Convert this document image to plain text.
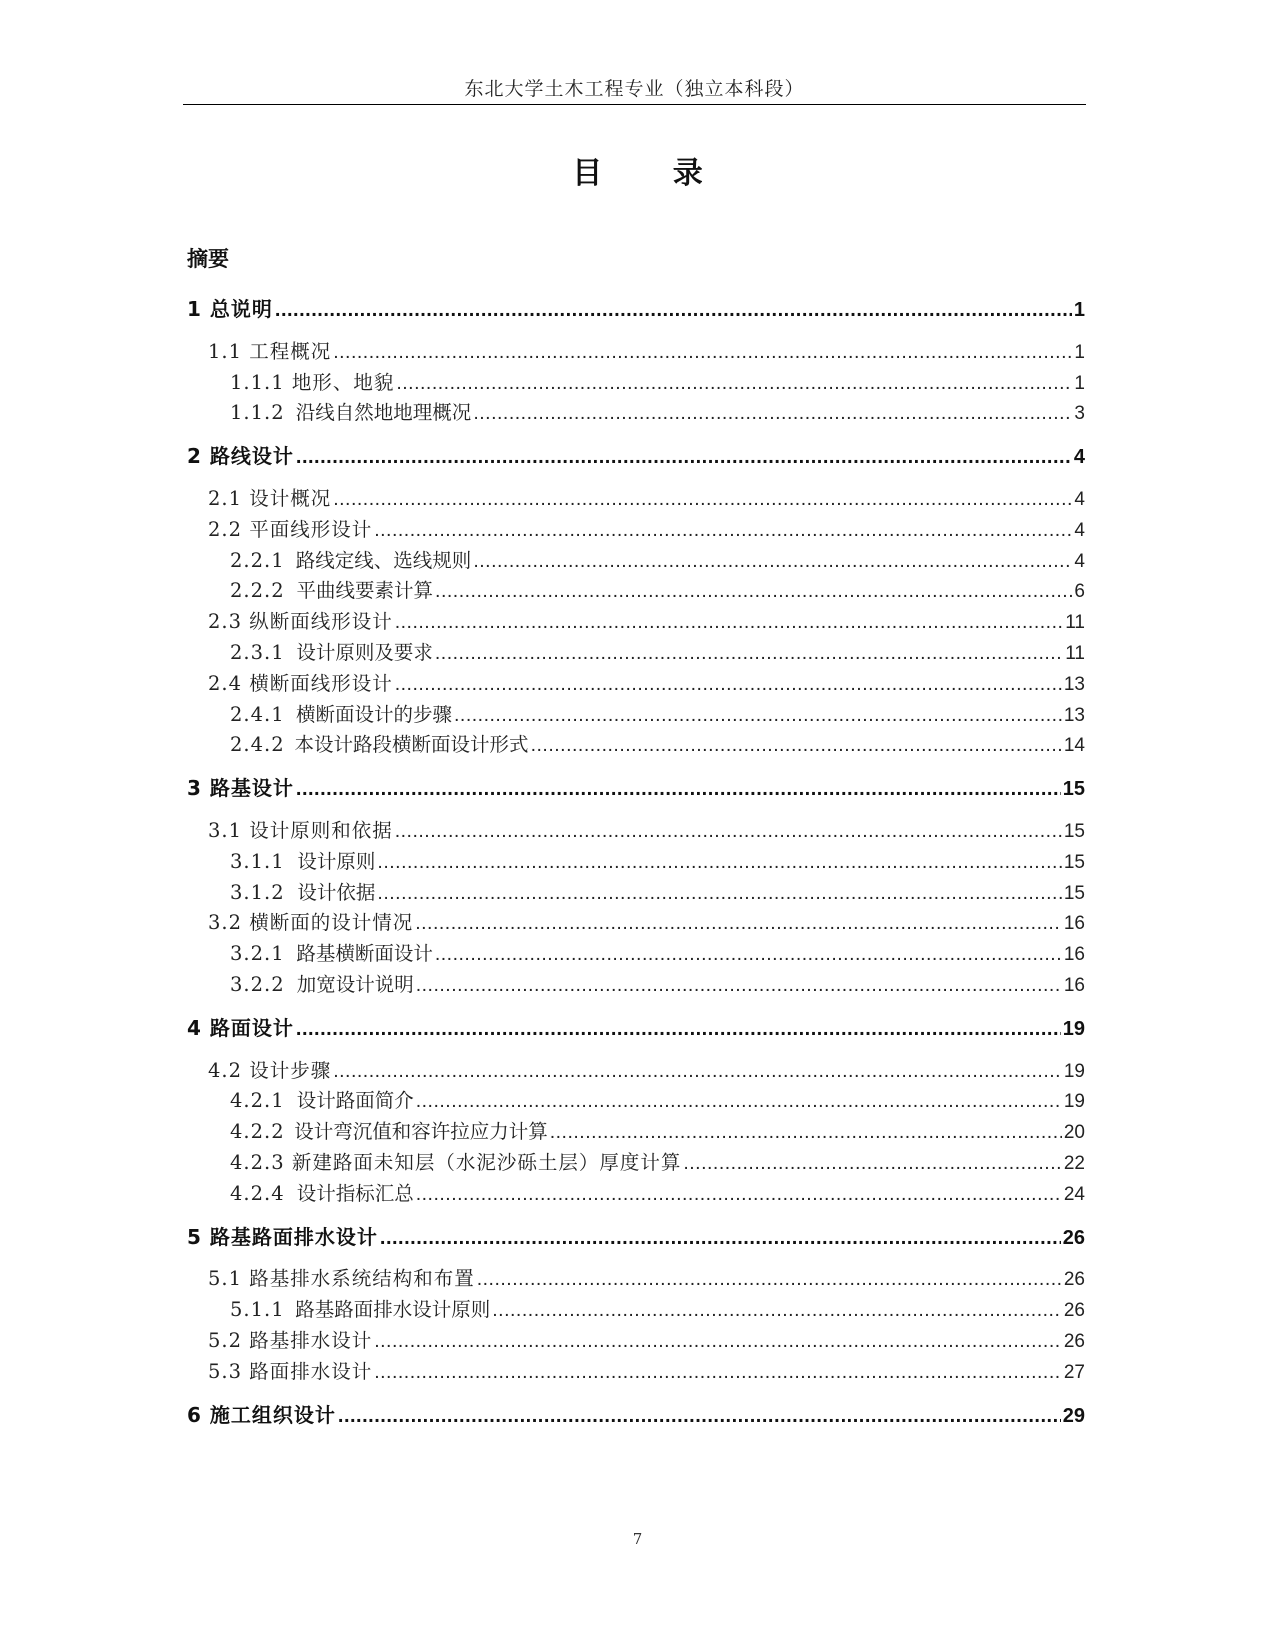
东北大学土木工程专业（独立本科段）
目 录
摘要
1 总说明 .....	1
1.1 工程概况 .....	1
1.1.1 地形、地貌 .....	1
1.1.2 沿线自然地地理概况 .....	3
2 路线设计 .....	4
2.1 设计概况 .....	4
2.2 平面线形设计 .....	4
2.2.1 路线定线、选线规则 .....	4
2.2.2 平曲线要素计算 .....	6
2.3 纵断面线形设计 .....	11
2.3.1 设计原则及要求 .....	11
2.4 横断面线形设计 .....	13
2.4.1 横断面设计的步骤 .....	13
2.4.2 本设计路段横断面设计形式 .....	14
3 路基设计 .....	15
3.1 设计原则和依据 .....	15
3.1.1 设计原则 .....	15
3.1.2 设计依据 .....	15
3.2 横断面的设计情况 .....	16
3.2.1 路基横断面设计 .....	16
3.2.2 加宽设计说明 .....	16
4 路面设计 .....	19
4.2 设计步骤 .....	19
4.2.1 设计路面简介 .....	19
4.2.2 设计弯沉值和容许拉应力计算 .....	20
4.2.3 新建路面未知层（水泥沙砾土层）厚度计算 .....	22
4.2.4 设计指标汇总 .....	24
5 路基路面排水设计 .....	26
5.1 路基排水系统结构和布置 .....	26
5.1.1 路基路面排水设计原则 .....	26
5.2 路基排水设计 .....	26
5.3 路面排水设计 .....	27
6 施工组织设计 .....	29
7
